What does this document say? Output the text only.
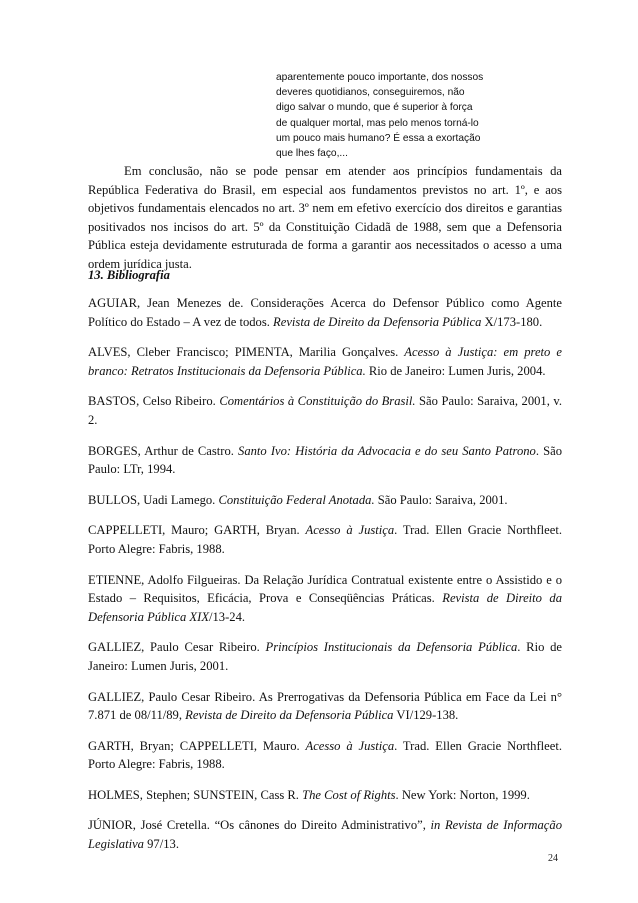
aparentemente pouco importante, dos nossos
deveres quotidianos, conseguiremos, não
digo salvar o mundo, que é superior à força
de qualquer mortal, mas pelo menos torná-lo
um pouco mais humano? É essa a exortação
que lhes faço,...

Em conclusão, não se pode pensar em atender aos princípios fundamentais da República Federativa do Brasil, em especial aos fundamentos previstos no art. 1º, e aos objetivos fundamentais elencados no art. 3º nem em efetivo exercício dos direitos e garantias positivados nos incisos do art. 5º da Constituição Cidadã de 1988, sem que a Defensoria Pública esteja devidamente estruturada de forma a garantir aos necessitados o acesso a uma ordem jurídica justa.

13. Bibliografia

AGUIAR, Jean Menezes de. Considerações Acerca do Defensor Público como Agente Político do Estado – A vez de todos. Revista de Direito da Defensoria Pública X/173-180.
ALVES, Cleber Francisco; PIMENTA, Marilia Gonçalves. Acesso à Justiça: em preto e branco: Retratos Institucionais da Defensoria Pública. Rio de Janeiro: Lumen Juris, 2004.
BASTOS, Celso Ribeiro. Comentários à Constituição do Brasil. São Paulo: Saraiva, 2001, v. 2.
BORGES, Arthur de Castro. Santo Ivo: História da Advocacia e do seu Santo Patrono. São Paulo: LTr, 1994.
BULLOS, Uadi Lamego. Constituição Federal Anotada. São Paulo: Saraiva, 2001.
CAPPELLETI, Mauro; GARTH, Bryan. Acesso à Justiça. Trad. Ellen Gracie Northfleet. Porto Alegre: Fabris, 1988.
ETIENNE, Adolfo Filgueiras. Da Relação Jurídica Contratual existente entre o Assistido e o Estado – Requisitos, Eficácia, Prova e Conseqüências Práticas. Revista de Direito da Defensoria Pública XIX/13-24.
GALLIEZ, Paulo Cesar Ribeiro. Princípios Institucionais da Defensoria Pública. Rio de Janeiro: Lumen Juris, 2001.
GALLIEZ, Paulo Cesar Ribeiro. As Prerrogativas da Defensoria Pública em Face da Lei n° 7.871 de 08/11/89, Revista de Direito da Defensoria Pública VI/129-138.
GARTH, Bryan; CAPPELLETI, Mauro. Acesso à Justiça. Trad. Ellen Gracie Northfleet. Porto Alegre: Fabris, 1988.
HOLMES, Stephen; SUNSTEIN, Cass R. The Cost of Rights. New York: Norton, 1999.
JÚNIOR, José Cretella. “Os cânones do Direito Administrativo”, in Revista de Informação Legislativa 97/13.
24
